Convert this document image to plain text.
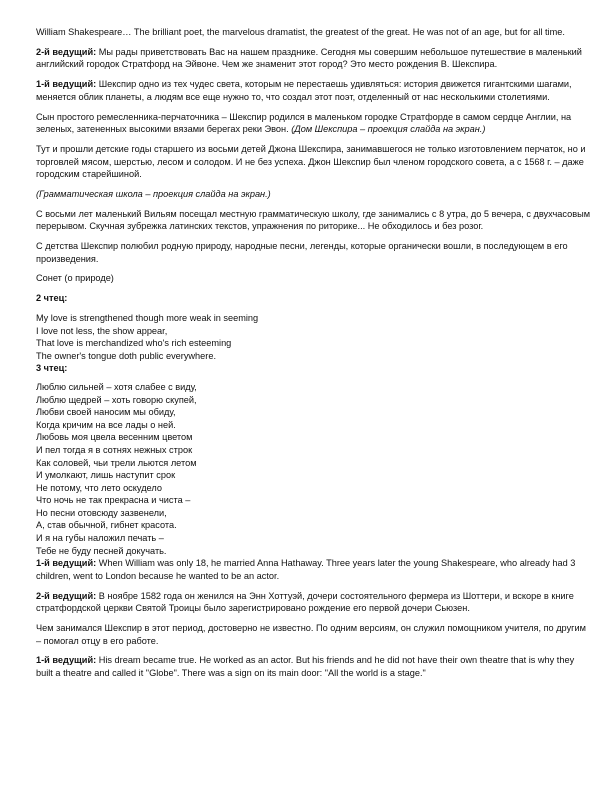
William Shakespeare… The brilliant poet, the marvelous dramatist, the greatest of the great. He was not of an age, but for all time.

2-й ведущий: Мы рады приветствовать Вас на нашем празднике. Сегодня мы совершим небольшое путешествие в маленький английский городок Стратфорд на Эйвоне. Чем же знаменит этот город? Это место рождения В. Шекспира.

1-й ведущий: Шекспир одно из тех чудес света, которым не перестаешь удивляться: история движется гигантскими шагами, меняется облик планеты, а людям все еще нужно то, что создал этот поэт, отделенный от нас несколькими столетиями.

Сын простого ремесленника-перчаточника – Шекспир родился в маленьком городке Стратфорде в самом сердце Англии, на зеленых, затененных высокими вязами берегах реки Эвон. (Дом Шекспира – проекция слайда на экран.)

Тут и прошли детские годы старшего из восьми детей Джона Шекспира, занимавшегося не только изготовлением перчаток, но и торговлей мясом, шерстью, лесом и солодом. И не без успеха. Джон Шекспир был членом городского совета, а с 1568 г. – даже городским старейшиной.

(Грамматическая школа – проекция слайда на экран.)

С восьми лет маленький Вильям посещал местную грамматическую школу, где занимались с 8 утра, до 5 вечера, с двухчасовым перерывом. Скучная зубрежка латинских текстов, упражнения по риторике... Не обходилось и без розог.

С детства Шекспир полюбил родную природу, народные песни, легенды, которые органически вошли, в последующем в его произведения.

Сонет (о природе)

2 чтец:

My love is strengthened though more weak in seeming
I love not less, the show appear,
That love is merchandized who's rich esteeming
The owner's tongue doth public everywhere.

3 чтец:

Люблю сильней – хотя слабее с виду,
Люблю щедрей – хоть говорю скупей,
Любви своей наносим мы обиду,
Когда кричим на все лады о ней.
Любовь моя цвела весенним цветом
И пел тогда я в сотнях нежных строк
Как соловей, чьи трели льются летом
И умолкают, лишь наступит срок
Не потому, что лето оскудело
Что ночь не так прекрасна и чиста –
Но песни отовсюду зазвенели,
А, став обычной, гибнет красота.
И я на губы наложил печать –
Тебе не буду песней докучать.

1-й ведущий: When William was only 18, he married Anna Hathaway. Three years later the young Shakespeare, who already had 3 children, went to London because he wanted to be an actor.

2-й ведущий: В ноябре 1582 года он женился на Энн Хоттуэй, дочери состоятельного фермера из Шоттери, и вскоре в книге стратфордской церкви Святой Троицы было зарегистрировано рождение его первой дочери Сьюзен.

Чем занимался Шекспир в этот период, достоверно не известно. По одним версиям, он служил помощником учителя, по другим – помогал отцу в его работе.

1-й ведущий: His dream became true. He worked as an actor. But his friends and he did not have their own theatre that is why they built a theatre and called it "Globe". There was a sign on its main door: "All the world is a stage."
